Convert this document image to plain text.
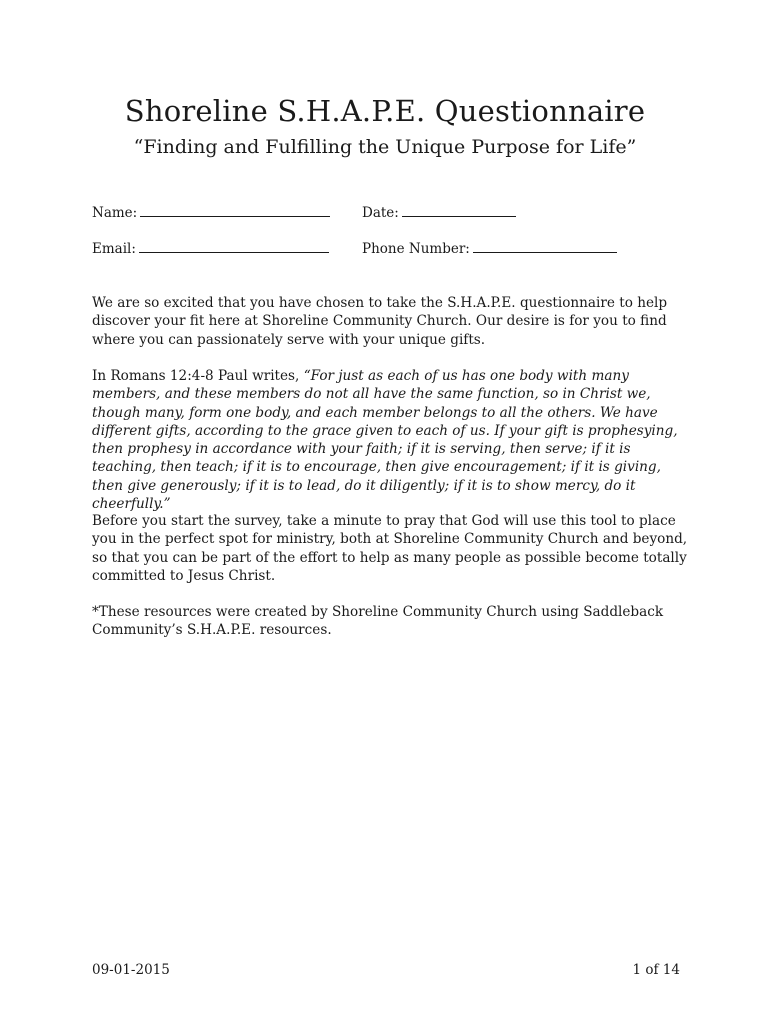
Shoreline S.H.A.P.E. Questionnaire
“Finding and Fulfilling the Unique Purpose for Life”
Name:	Date:
Email:	Phone Number:

We are so excited that you have chosen to take the S.H.A.P.E. questionnaire to help discover your fit here at Shoreline Community Church. Our desire is for you to find where you can passionately serve with your unique gifts.

In Romans 12:4-8 Paul writes, “For just as each of us has one body with many members, and these members do not all have the same function, so in Christ we, though many, form one body, and each member belongs to all the others. We have different gifts, according to the grace given to each of us. If your gift is prophesying, then prophesy in accordance with your faith; if it is serving, then serve; if it is teaching, then teach; if it is to encourage, then give encouragement; if it is giving, then give generously; if it is to lead, do it diligently; if it is to show mercy, do it cheerfully.”

Before you start the survey, take a minute to pray that God will use this tool to place you in the perfect spot for ministry, both at Shoreline Community Church and beyond, so that you can be part of the effort to help as many people as possible become totally committed to Jesus Christ.

*These resources were created by Shoreline Community Church using Saddleback Community’s S.H.A.P.E. resources.

09-01-2015	1 of 14
